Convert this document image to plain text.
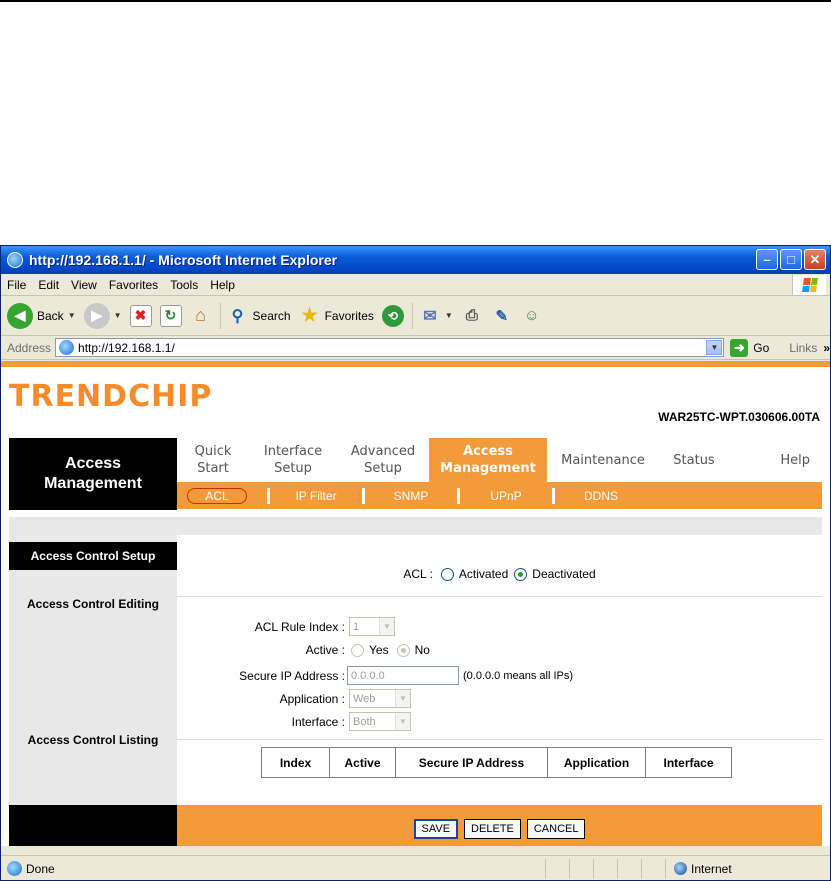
http://192.168.1.1/ - Microsoft Internet Explorer	–	□	✕
File	Edit	View	Favorites	Tools	Help
◀ Back ▼	▶	▼ ✖	↻	⌂	⚲ Search ★ Favorites	⟲	✉	▼ ⎙	✎	☺
Address	http://192.168.1.1/	▼	➜ Go Links »
TRENDCHIP
WAR25TC-WPT.030606.00TA
Access Management
Quick Start
Interface Setup
Advanced Setup
Access Management
Maintenance	Status	Help
ACL	IP Filter	SNMP	UPnP	DDNS
Access Control Setup
Access Control Editing
Access Control Listing
ACL : Activated Deactivated
ACL Rule Index : 1	▼
Active : Yes No
Secure IP Address : 0.0.0.0	(0.0.0.0 means all IPs)
Application : Web	▼
Interface : Both	▼
Index	Active	Secure IP Address	Application	Interface
SAVE	DELETE	CANCEL
Done	Internet
